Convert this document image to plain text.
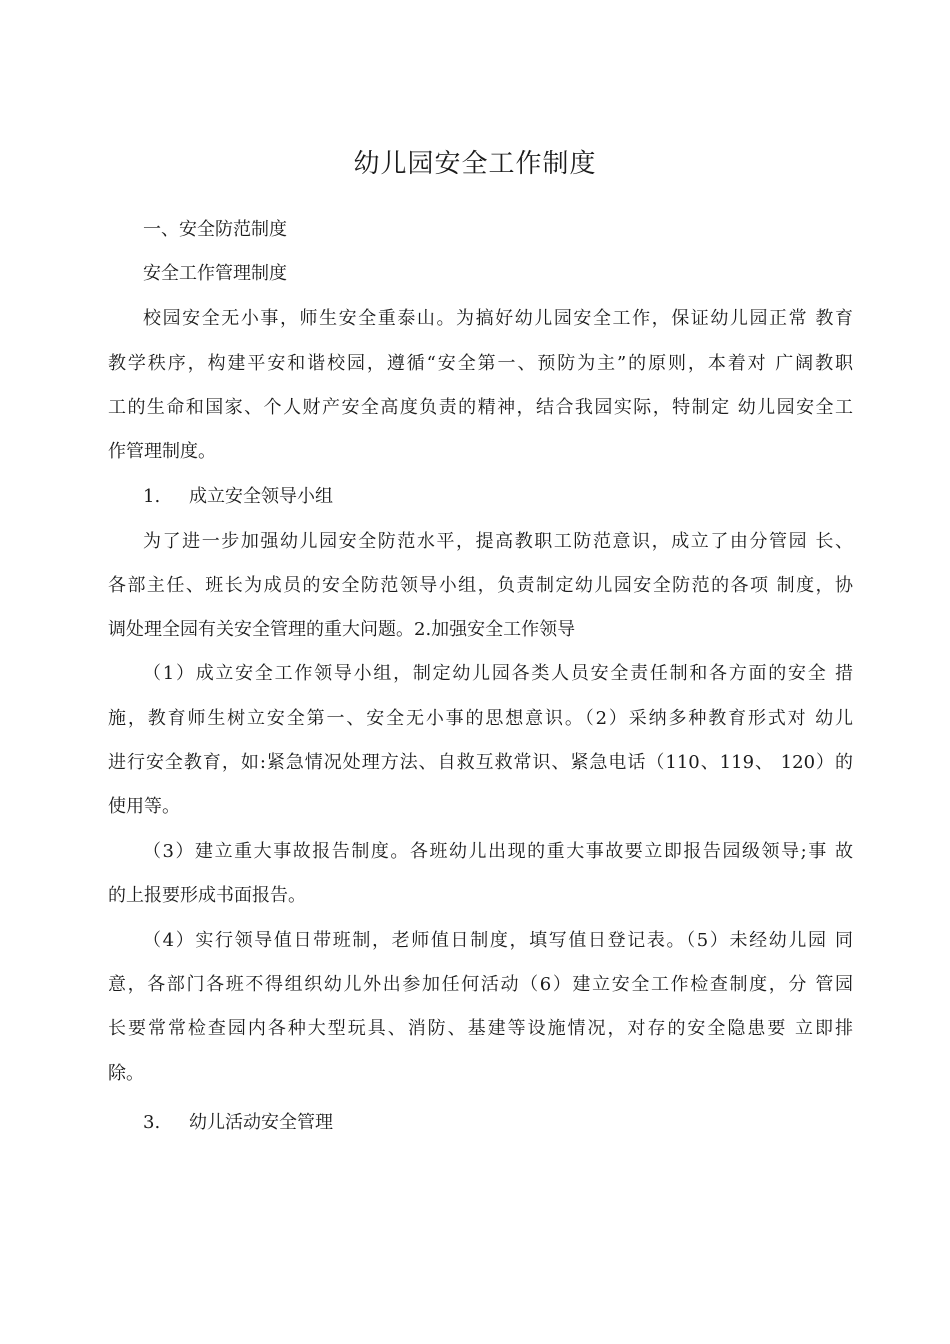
幼儿园安全工作制度

一、安全防范制度

安全工作管理制度

校园安全无小事，师生安全重泰山。为搞好幼儿园安全工作，保证幼儿园正常 教育

教学秩序，构建平安和谐校园，遵循“安全第一、预防为主”的原则，本着对 广阔教职

工的生命和国家、个人财产安全高度负责的精神，结合我园实际，特制定 幼儿园安全工

作管理制度。

1. 成立安全领导小组

为了进一步加强幼儿园安全防范水平，提高教职工防范意识，成立了由分管园 长、

各部主任、班长为成员的安全防范领导小组，负责制定幼儿园安全防范的各项 制度，协

调处理全园有关安全管理的重大问题。2.加强安全工作领导

（1）成立安全工作领导小组，制定幼儿园各类人员安全责任制和各方面的安全 措

施，教育师生树立安全第一、安全无小事的思想意识。（2）采纳多种教育形式对 幼儿

进行安全教育，如:紧急情况处理方法、自救互救常识、紧急电话（110、119、 120）的

使用等。

（3）建立重大事故报告制度。各班幼儿出现的重大事故要立即报告园级领导;事 故

的上报要形成书面报告。

（4）实行领导值日带班制，老师值日制度，填写值日登记表。（5）未经幼儿园 同

意，各部门各班不得组织幼儿外出参加任何活动（6）建立安全工作检查制度，分 管园

长要常常检查园内各种大型玩具、消防、基建等设施情况，对存的安全隐患要 立即排

除。

3. 幼儿活动安全管理
